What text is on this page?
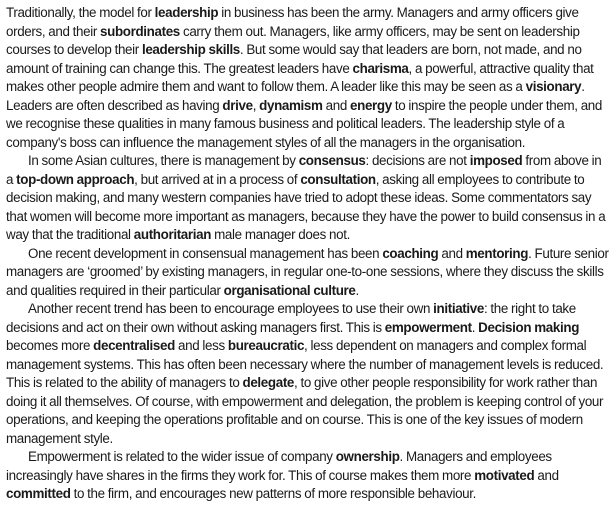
Traditionally, the model for leadership in business has been the army. Managers and army officers give orders, and their subordinates carry them out. Managers, like army officers, may be sent on leadership courses to develop their leadership skills. But some would say that leaders are born, not made, and no amount of training can change this. The greatest leaders have charisma, a powerful, attractive quality that makes other people admire them and want to follow them. A leader like this may be seen as a visionary. Leaders are often described as having drive, dynamism and energy to inspire the people under them, and we recognise these qualities in many famous business and political leaders. The leadership style of a company's boss can influence the management styles of all the managers in the organisation.

In some Asian cultures, there is management by consensus: decisions are not imposed from above in a top-down approach, but arrived at in a process of consultation, asking all employees to contribute to decision making, and many western companies have tried to adopt these ideas. Some commentators say that women will become more important as managers, because they have the power to build consensus in a way that the traditional authoritarian male manager does not.

One recent development in consensual management has been coaching and mentoring. Future senior managers are ‘groomed’ by existing managers, in regular one-to-one sessions, where they discuss the skills and qualities required in their particular organisational culture.

Another recent trend has been to encourage employees to use their own initiative: the right to take decisions and act on their own without asking managers first. This is empowerment. Decision making becomes more decentralised and less bureaucratic, less dependent on managers and complex formal management systems. This has often been necessary where the number of management levels is reduced. This is related to the ability of managers to delegate, to give other people responsibility for work rather than doing it all themselves. Of course, with empowerment and delegation, the problem is keeping control of your operations, and keeping the operations profitable and on course. This is one of the key issues of modern management style.

Empowerment is related to the wider issue of company ownership. Managers and employees increasingly have shares in the firms they work for. This of course makes them more motivated and committed to the firm, and encourages new patterns of more responsible behaviour.
